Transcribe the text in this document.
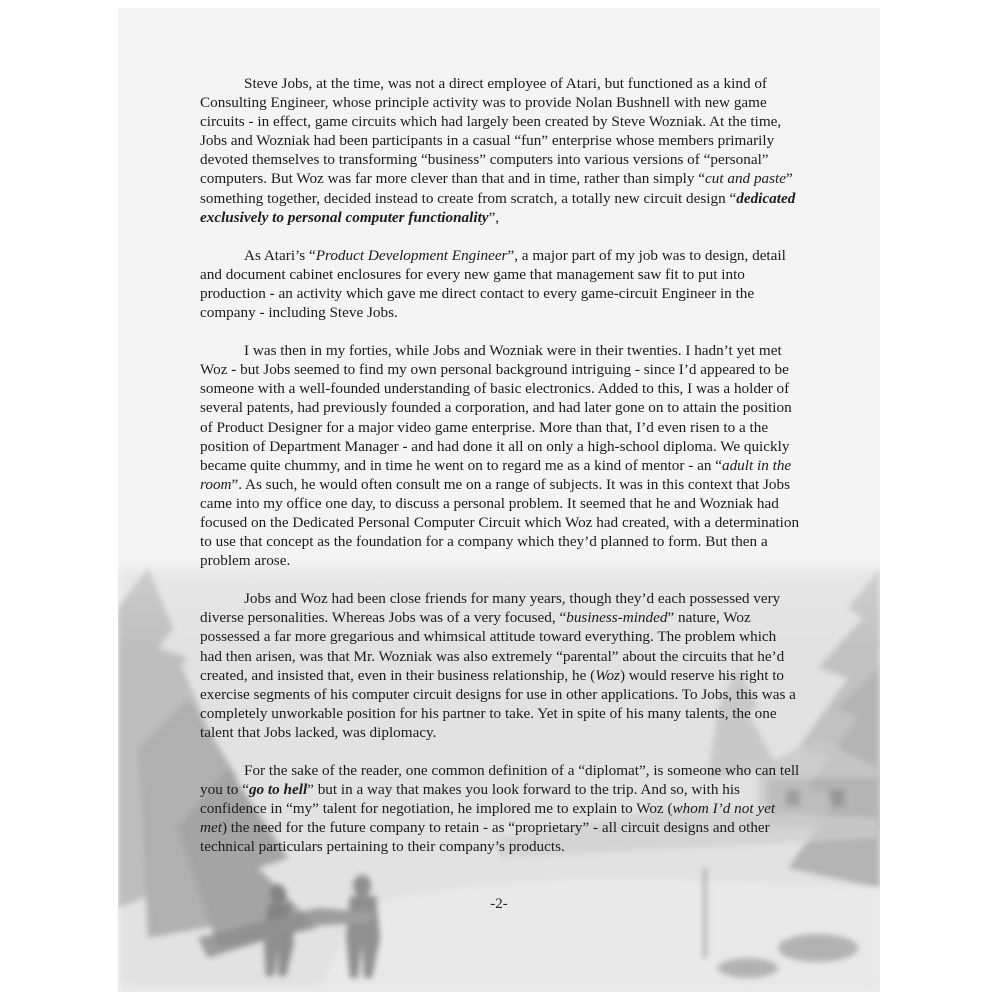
Steve Jobs, at the time, was not a direct employee of Atari, but functioned as a kind of Consulting Engineer, whose principle activity was to provide Nolan Bushnell with new game circuits - in effect, game circuits which had largely been created by Steve Wozniak. At the time, Jobs and Wozniak had been participants in a casual “fun” enterprise whose members primarily devoted themselves to transforming “business” computers into various versions of “personal” computers. But Woz was far more clever than that and in time, rather than simply “cut and paste” something together, decided instead to create from scratch, a totally new circuit design “dedicated exclusively to personal computer functionality”,

As Atari’s “Product Development Engineer”, a major part of my job was to design, detail and document cabinet enclosures for every new game that management saw fit to put into production - an activity which gave me direct contact to every game-circuit Engineer in the company - including Steve Jobs.

I was then in my forties, while Jobs and Wozniak were in their twenties. I hadn’t yet met Woz - but Jobs seemed to find my own personal background intriguing - since I’d appeared to be someone with a well-founded understanding of basic electronics. Added to this, I was a holder of several patents, had previously founded a corporation, and had later gone on to attain the position of Product Designer for a major video game enterprise. More than that, I’d even risen to a the position of Department Manager - and had done it all on only a high-school diploma. We quickly became quite chummy, and in time he went on to regard me as a kind of mentor - an “adult in the room”. As such, he would often consult me on a range of subjects. It was in this context that Jobs came into my office one day, to discuss a personal problem. It seemed that he and Wozniak had focused on the Dedicated Personal Computer Circuit which Woz had created, with a determination to use that concept as the foundation for a company which they’d planned to form. But then a problem arose.

Jobs and Woz had been close friends for many years, though they’d each possessed very diverse personalities. Whereas Jobs was of a very focused, “business-minded” nature, Woz possessed a far more gregarious and whimsical attitude toward everything. The problem which had then arisen, was that Mr. Wozniak was also extremely “parental” about the circuits that he’d created, and insisted that, even in their business relationship, he (Woz) would reserve his right to exercise segments of his computer circuit designs for use in other applications. To Jobs, this was a completely unworkable position for his partner to take. Yet in spite of his many talents, the one talent that Jobs lacked, was diplomacy.

For the sake of the reader, one common definition of a “diplomat”, is someone who can tell you to “go to hell” but in a way that makes you look forward to the trip. And so, with his confidence in “my” talent for negotiation, he implored me to explain to Woz (whom I’d not yet met) the need for the future company to retain - as “proprietary” - all circuit designs and other technical particulars pertaining to their company’s products.

-2-
